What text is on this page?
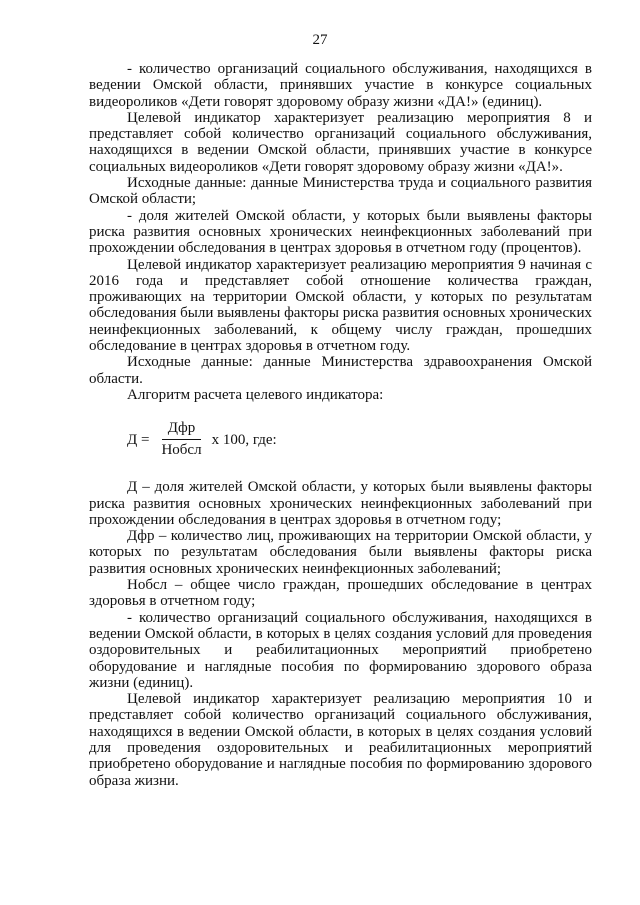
27

- количество организаций социального обслуживания, находящихся в ведении Омской области, принявших участие в конкурсе социальных видеороликов «Дети говорят здоровому образу жизни «ДА!» (единиц).

Целевой индикатор характеризует реализацию мероприятия 8 и представляет собой количество организаций социального обслуживания, находящихся в ведении Омской области, принявших участие в конкурсе социальных видеороликов «Дети говорят здоровому образу жизни «ДА!».

Исходные данные: данные Министерства труда и социального развития Омской области;

- доля жителей Омской области, у которых были выявлены факторы риска развития основных хронических неинфекционных заболеваний при прохождении обследования в центрах здоровья в отчетном году (процентов).

Целевой индикатор характеризует реализацию мероприятия 9 начиная с 2016 года и представляет собой отношение количества граждан, проживающих на территории Омской области, у которых по результатам обследования были выявлены факторы риска развития основных хронических неинфекционных заболеваний, к общему числу граждан, прошедших обследование в центрах здоровья в отчетном году.

Исходные данные: данные Министерства здравоохранения Омской области.

Алгоритм расчета целевого индикатора:

$Д = \frac{\text{Дфр}}{\text{Нобсл}}$ х 100, где:

Д – доля жителей Омской области, у которых были выявлены факторы риска развития основных хронических неинфекционных заболеваний при прохождении обследования в центрах здоровья в отчетном году;

Дфр – количество лиц, проживающих на территории Омской области, у которых по результатам обследования были выявлены факторы риска развития основных хронических неинфекционных заболеваний;

Нобсл – общее число граждан, прошедших обследование в центрах здоровья в отчетном году;

- количество организаций социального обслуживания, находящихся в ведении Омской области, в которых в целях создания условий для проведения оздоровительных и реабилитационных мероприятий приобретено оборудование и наглядные пособия по формированию здорового образа жизни (единиц).

Целевой индикатор характеризует реализацию мероприятия 10 и представляет собой количество организаций социального обслуживания, находящихся в ведении Омской области, в которых в целях создания условий для проведения оздоровительных и реабилитационных мероприятий приобретено оборудование и наглядные пособия по формированию здорового образа жизни.
